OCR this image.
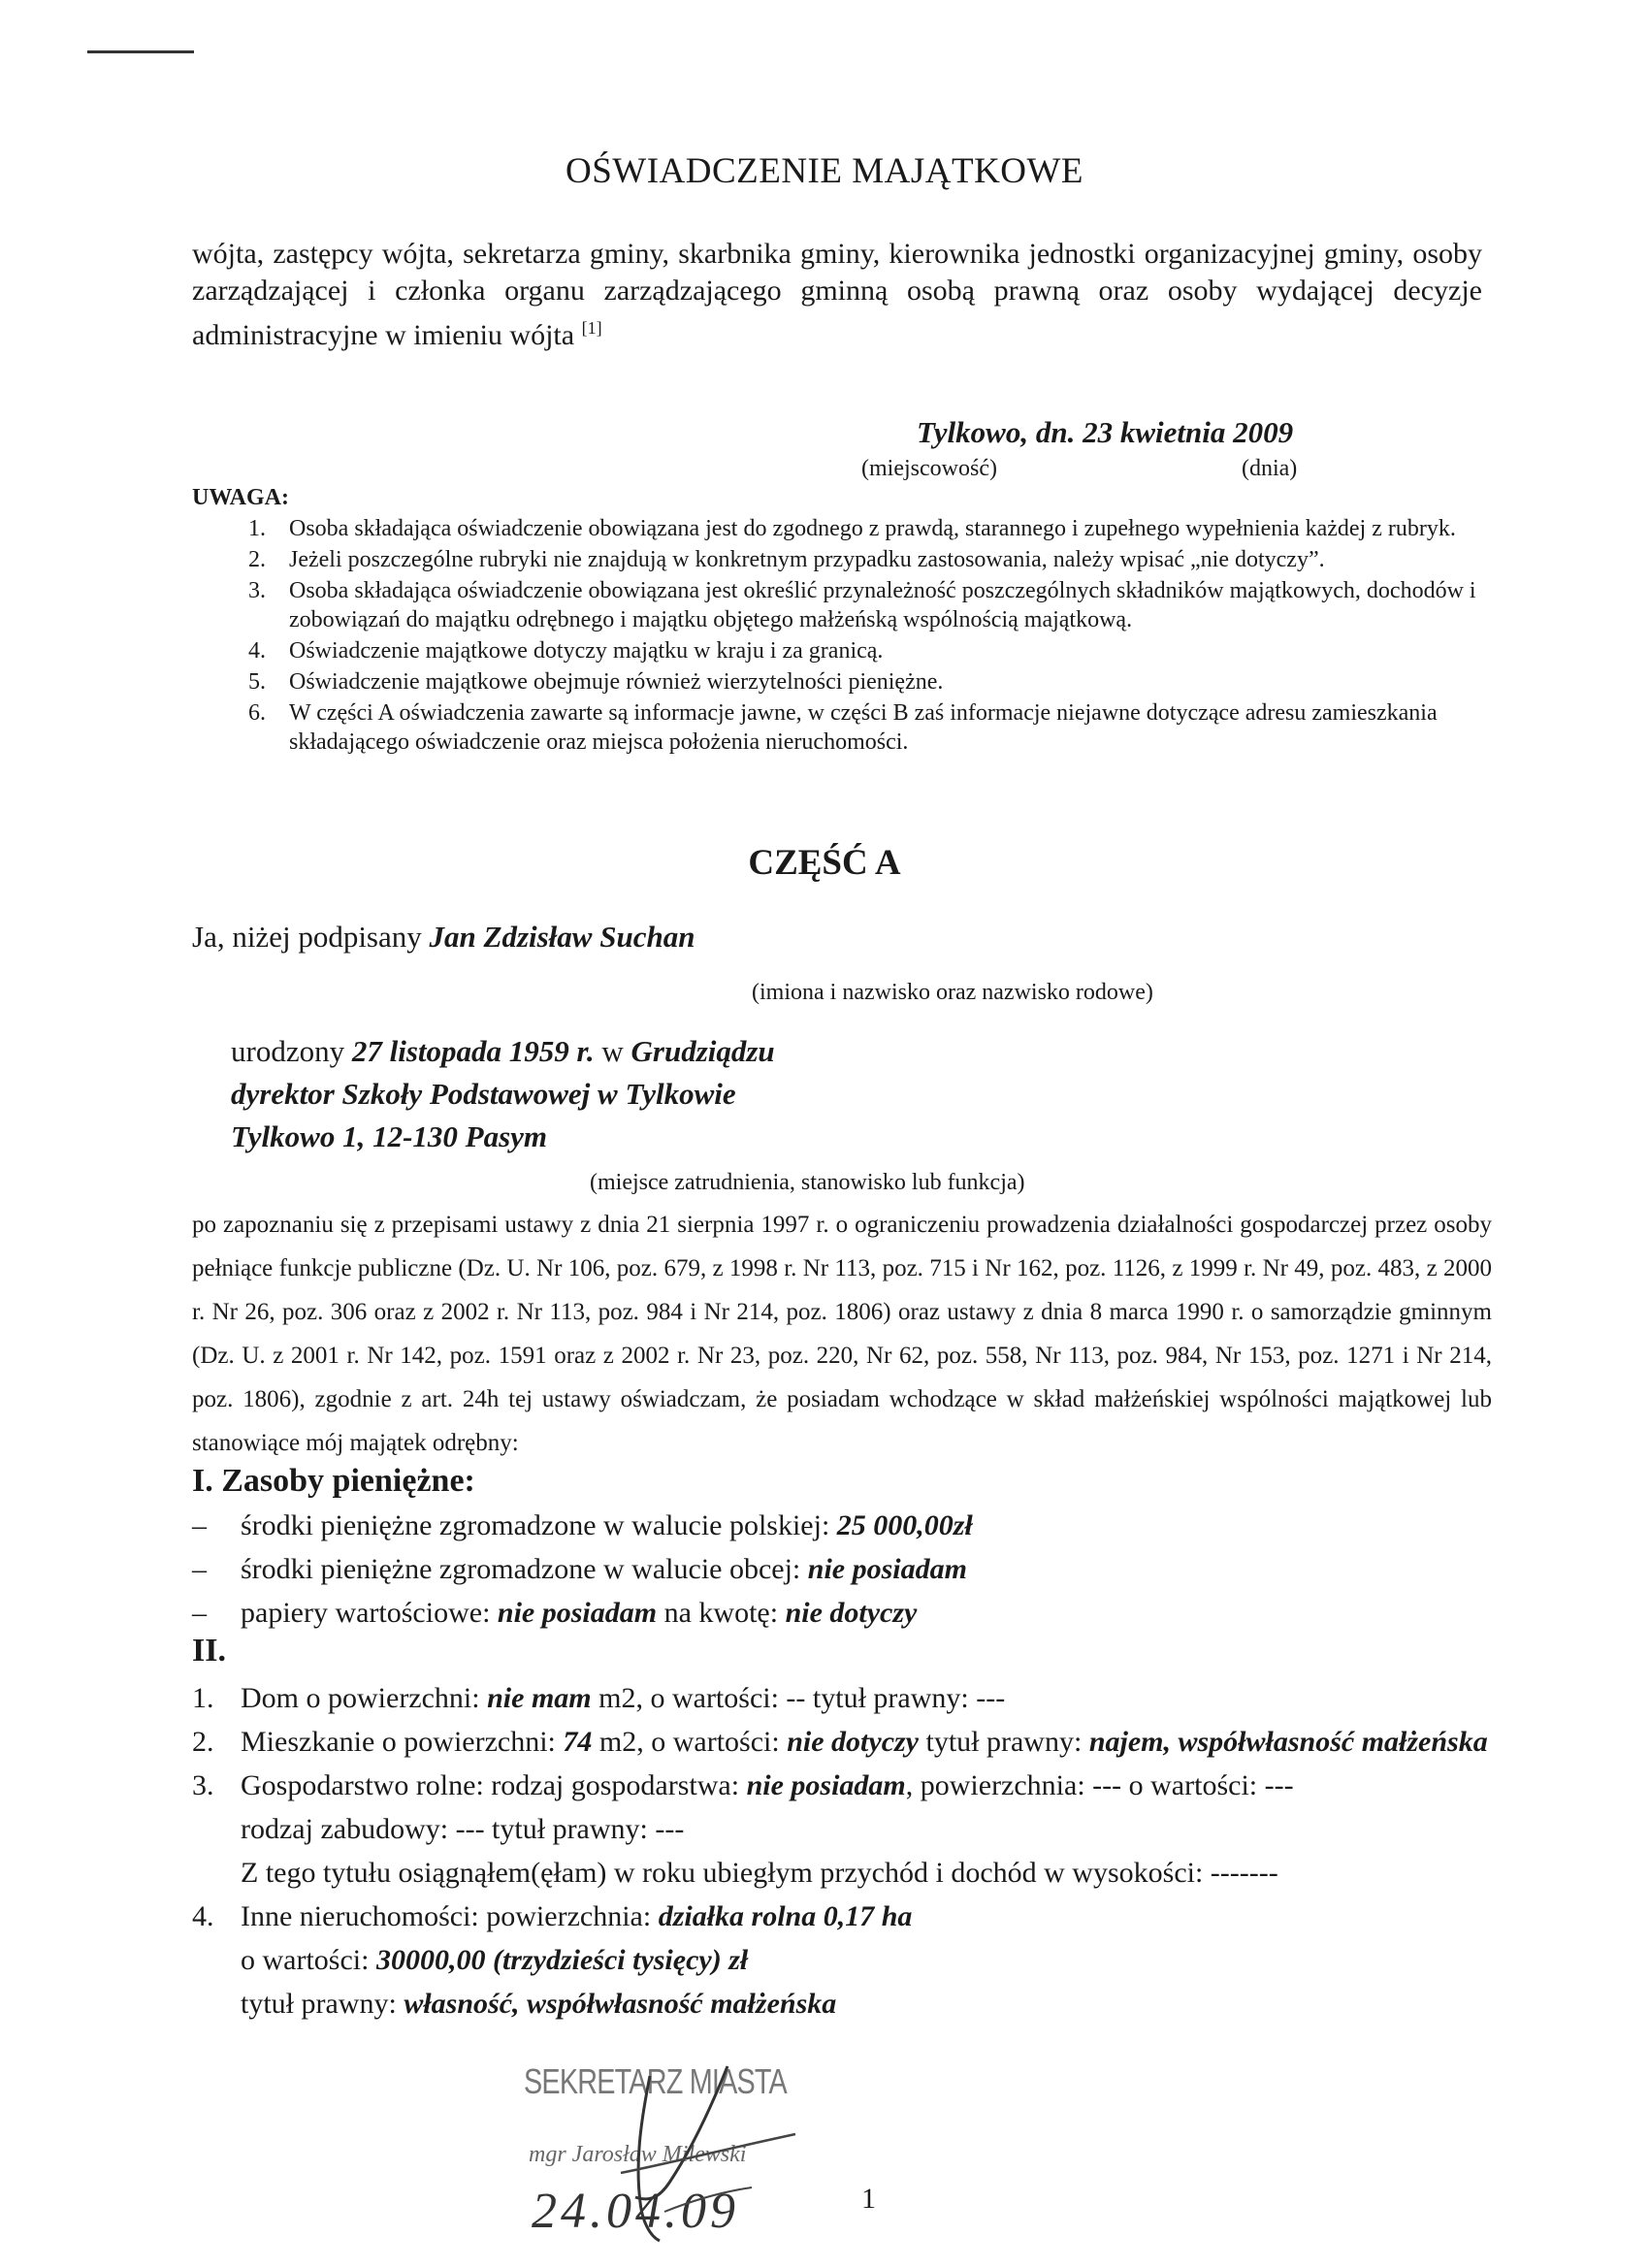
OŚWIADCZENIE MAJĄTKOWE
wójta, zastępcy wójta, sekretarza gminy, skarbnika gminy, kierownika jednostki organizacyjnej gminy, osoby zarządzającej i członka organu zarządzającego gminną osobą prawną oraz osoby wydającej decyzje administracyjne w imieniu wójta [1]
Tylkowo, dn. 23 kwietnia 2009
(miejscowość)	(dnia)
UWAGA:
1. Osoba składająca oświadczenie obowiązana jest do zgodnego z prawdą, starannego i zupełnego wypełnienia każdej z rubryk.
2. Jeżeli poszczególne rubryki nie znajdują w konkretnym przypadku zastosowania, należy wpisać „nie dotyczy”.
3. Osoba składająca oświadczenie obowiązana jest określić przynależność poszczególnych składników majątkowych, dochodów i zobowiązań do majątku odrębnego i majątku objętego małżeńską wspólnością majątkową.
4. Oświadczenie majątkowe dotyczy majątku w kraju i za granicą.
5. Oświadczenie majątkowe obejmuje również wierzytelności pieniężne.
6. W części A oświadczenia zawarte są informacje jawne, w części B zaś informacje niejawne dotyczące adresu zamieszkania składającego oświadczenie oraz miejsca położenia nieruchomości.
CZĘŚĆ A
Ja, niżej podpisany Jan Zdzisław Suchan
(imiona i nazwisko oraz nazwisko rodowe)
urodzony 27 listopada 1959 r. w Grudziądzu
dyrektor Szkoły Podstawowej w Tylkowie
Tylkowo 1, 12-130 Pasym
(miejsce zatrudnienia, stanowisko lub funkcja)
po zapoznaniu się z przepisami ustawy z dnia 21 sierpnia 1997 r. o ograniczeniu prowadzenia działalności gospodarczej przez osoby pełniące funkcje publiczne (Dz. U. Nr 106, poz. 679, z 1998 r. Nr 113, poz. 715 i Nr 162, poz. 1126, z 1999 r. Nr 49, poz. 483, z 2000 r. Nr 26, poz. 306 oraz z 2002 r. Nr 113, poz. 984 i Nr 214, poz. 1806) oraz ustawy z dnia 8 marca 1990 r. o samorządzie gminnym (Dz. U. z 2001 r. Nr 142, poz. 1591 oraz z 2002 r. Nr 23, poz. 220, Nr 62, poz. 558, Nr 113, poz. 984, Nr 153, poz. 1271 i Nr 214, poz. 1806), zgodnie z art. 24h tej ustawy oświadczam, że posiadam wchodzące w skład małżeńskiej wspólności majątkowej lub stanowiące mój majątek odrębny:
I. Zasoby pieniężne:
– środki pieniężne zgromadzone w walucie polskiej: 25 000,00zł
– środki pieniężne zgromadzone w walucie obcej: nie posiadam
– papiery wartościowe: nie posiadam na kwotę: nie dotyczy
II.
1. Dom o powierzchni: nie mam m2, o wartości: -- tytuł prawny: ---
2. Mieszkanie o powierzchni: 74 m2, o wartości: nie dotyczy tytuł prawny: najem, współwłasność małżeńska
3. Gospodarstwo rolne: rodzaj gospodarstwa: nie posiadam, powierzchnia: --- o wartości: ---
rodzaj zabudowy: --- tytuł prawny: ---
Z tego tytułu osiągnąłem(ęłam) w roku ubiegłym przychód i dochód w wysokości: -------
4. Inne nieruchomości: powierzchnia: działka rolna 0,17 ha
o wartości: 30000,00 (trzydzieści tysięcy) zł
tytuł prawny: własność, współwłasność małżeńska
SEKRETARZ MIASTA
mgr Jarosław Milewski
24.04.09	1
